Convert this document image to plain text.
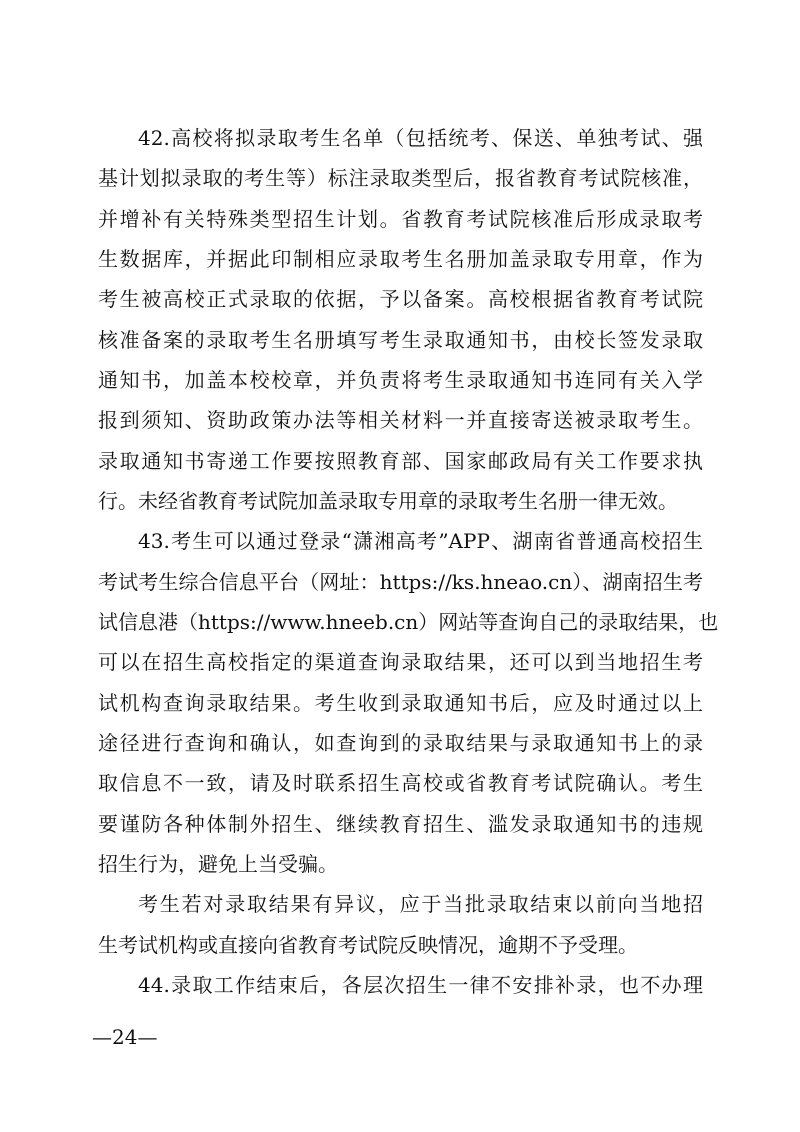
42.高校将拟录取考生名单（包括统考、保送、单独考试、强
基计划拟录取的考生等）标注录取类型后，报省教育考试院核准，
并增补有关特殊类型招生计划。省教育考试院核准后形成录取考
生数据库，并据此印制相应录取考生名册加盖录取专用章，作为
考生被高校正式录取的依据，予以备案。高校根据省教育考试院
核准备案的录取考生名册填写考生录取通知书，由校长签发录取
通知书，加盖本校校章，并负责将考生录取通知书连同有关入学
报到须知、资助政策办法等相关材料一并直接寄送被录取考生。
录取通知书寄递工作要按照教育部、国家邮政局有关工作要求执
行。未经省教育考试院加盖录取专用章的录取考生名册一律无效。
43.考生可以通过登录“潇湘高考”APP、湖南省普通高校招生
考试考生综合信息平台（网址：https://ks.hneao.cn）、湖南招生考
试信息港（https://www.hneeb.cn）网站等查询自己的录取结果，也
可以在招生高校指定的渠道查询录取结果，还可以到当地招生考
试机构查询录取结果。考生收到录取通知书后，应及时通过以上
途径进行查询和确认，如查询到的录取结果与录取通知书上的录
取信息不一致，请及时联系招生高校或省教育考试院确认。考生
要谨防各种体制外招生、继续教育招生、滥发录取通知书的违规
招生行为，避免上当受骗。
考生若对录取结果有异议，应于当批录取结束以前向当地招
生考试机构或直接向省教育考试院反映情况，逾期不予受理。
44.录取工作结束后，各层次招生一律不安排补录，也不办理
—24—
